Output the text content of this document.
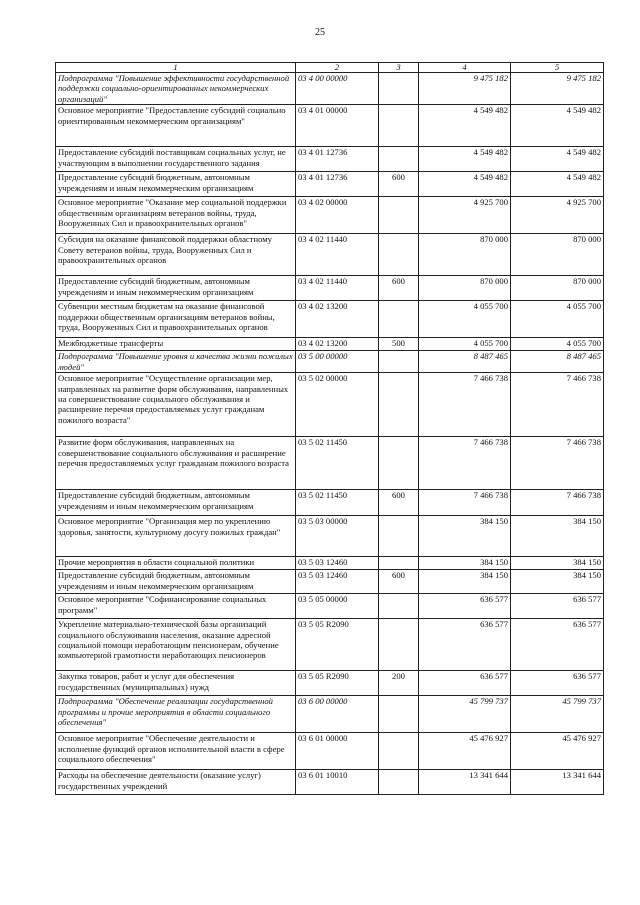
25
1	2	3	4	5
Подпрограмма "Повышение эффективности государственной поддержки социально-ориентированных некоммерческих организаций"	03 4 00 00000		9 475 182	9 475 182
Основное мероприятие "Предоставление субсидий социально ориентированным некоммерческим организациям"	03 4 01 00000		4 549 482	4 549 482
Предоставление субсидий поставщикам социальных услуг, не участвующим в выполнении государственного задания	03 4 01 12736		4 549 482	4 549 482
Предоставление субсидий бюджетным, автономным учреждениям и иным некоммерческим организациям	03 4 01 12736	600	4 549 482	4 549 482
Основное мероприятие "Оказание мер социальной поддержки общественным организациям ветеранов войны, труда, Вооруженных Сил и правоохранительных органов"	03 4 02 00000		4 925 700	4 925 700
Субсидия на оказание финансовой поддержки областному Совету ветеранов войны, труда, Вооруженных Сил и правоохранительных органов	03 4 02 11440		870 000	870 000
Предоставление субсидий бюджетным, автономным учреждениям и иным некоммерческим организациям	03 4 02 11440	600	870 000	870 000
Субвенции местным бюджетам на оказание финансовой поддержки общественным организациям ветеранов войны, труда, Вооруженных Сил и правоохранительных органов	03 4 02 13200		4 055 700	4 055 700
Межбюджетные трансферты	03 4 02 13200	500	4 055 700	4 055 700
Подпрограмма "Повышение уровня и качества жизни пожилых людей"	03 5 00 00000		8 487 465	8 487 465
Основное мероприятие "Осуществление организации мер, направленных на развитие форм обслуживания, направленных на совершенствование социального обслуживания и расширение перечня предоставляемых услуг гражданам пожилого возраста"	03 5 02 00000		7 466 738	7 466 738
Развитие форм обслуживания, направленных на совершенствование социального обслуживания и расширение перечня предоставляемых услуг гражданам пожилого возраста	03 5 02 11450		7 466 738	7 466 738
Предоставление субсидий бюджетным, автономным учреждениям и иным некоммерческим организациям	03 5 02 11450	600	7 466 738	7 466 738
Основное мероприятие "Организация мер по укреплению здоровья, занятости, культурному досугу пожилых граждан"	03 5 03 00000		384 150	384 150
Прочие мероприятия в области социальной политики	03 5 03 12460		384 150	384 150
Предоставление субсидий бюджетным, автономным учреждениям и иным некоммерческим организациям	03 5 03 12460	600	384 150	384 150
Основное мероприятие "Софинансирование социальных программ"	03 5 05 00000		636 577	636 577
Укрепление материально-технической базы организаций социального обслуживания населения, оказание адресной социальной помощи неработающим пенсионерам, обучение компьютерной грамотности неработающих пенсионеров	03 5 05 R2090		636 577	636 577
Закупка товаров, работ и услуг для обеспечения государственных (муниципальных) нужд	03 5 05 R2090	200	636 577	636 577
Подпрограмма "Обеспечение реализации государственной программы и прочие мероприятия в области социального обеспечения"	03 6 00 00000		45 799 737	45 799 737
Основное мероприятие "Обеспечение деятельности и исполнение функций органов исполнительной власти в сфере социального обеспечения"	03 6 01 00000		45 476 927	45 476 927
Расходы на обеспечение деятельности (оказание услуг) государственных учреждений	03 6 01 10010		13 341 644	13 341 644
